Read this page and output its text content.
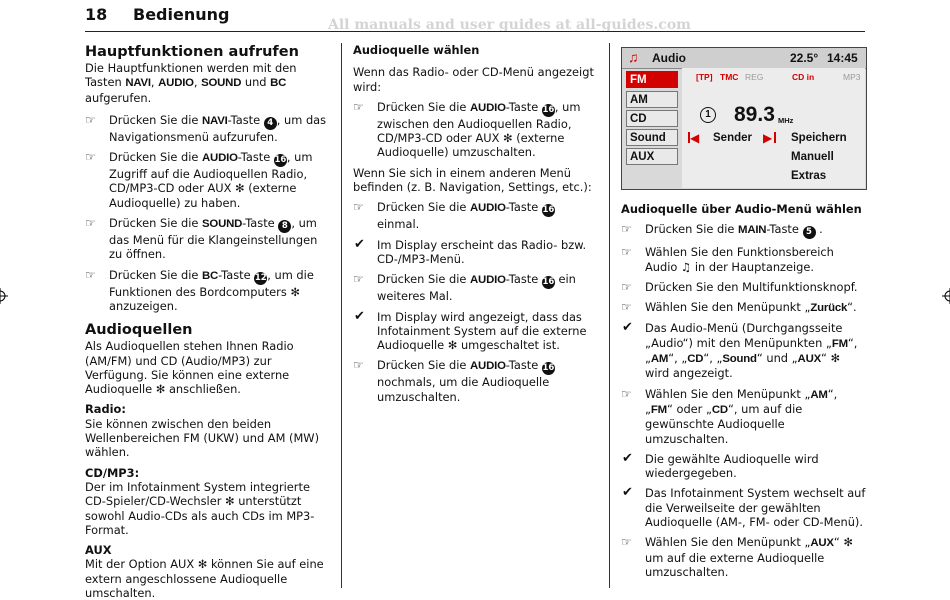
18 Bedienung
All manuals and user guides at all-guides.com
Hauptfunktionen aufrufen

Die Hauptfunktionen werden mit den Tasten NAVI, AUDIO, SOUND und BC aufgerufen.

☞ Drücken Sie die NAVI-Taste 4 , um das Navigationsmenü aufzurufen.
☞ Drücken Sie die AUDIO-Taste 16, um Zugriff auf die Audioquellen Radio, CD/MP3-CD oder AUX ✻ (externe Audioquelle) zu haben.
☞ Drücken Sie die SOUND-Taste 8 , um das Menü für die Klangeinstellungen zu öffnen.
☞ Drücken Sie die BC-Taste 12, um die Funktionen des Bordcomputers ✻ anzuzeigen.
Audioquellen

Als Audioquellen stehen Ihnen Radio (AM/FM) und CD (Audio/MP3) zur Verfügung. Sie können eine externe Audioquelle ✻ anschließen.

Radio:

Sie können zwischen den beiden Wellenbereichen FM (UKW) und AM (MW) wählen.

CD/MP3:

Der im Infotainment System integrierte CD-Spieler/CD-Wechsler ✻ unterstützt sowohl Audio-CDs als auch CDs im MP3-Format.

AUX

Mit der Option AUX ✻ können Sie auf eine extern angeschlossene Audioquelle umschalten.

Audioquelle wählen

Wenn das Radio- oder CD-Menü angezeigt wird:

☞ Drücken Sie die AUDIO-Taste 16, um zwischen den Audioquellen Radio, CD/MP3-CD oder AUX ✻ (externe Audioquelle) umzuschalten.

Wenn Sie sich in einem anderen Menü befinden (z. B. Navigation, Settings, etc.):

☞ Drücken Sie die AUDIO-Taste 16 einmal.
✔ Im Display erscheint das Radio- bzw. CD-/MP3-Menü.
☞ Drücken Sie die AUDIO-Taste 16 ein weiteres Mal.
✔ Im Display wird angezeigt, dass das Infotainment System auf die externe Audioquelle ✻ umgeschaltet ist.
☞ Drücken Sie die AUDIO-Taste 16 nochmals, um die Audioquelle umzuschalten.
♫ Audio	22.5° 14:45
FM
AM
CD
Sound
AUX
[TP] TMC REG	CD in	MP3
1 89.3 MHz
◀ Sender ▶ Speichern
Manuell
Extras
Audioquelle über Audio-Menü wählen
☞ Drücken Sie die MAIN-Taste 5 .
☞ Wählen Sie den Funktionsbereich Audio ♫ in der Hauptanzeige.
☞ Drücken Sie den Multifunktionsknopf.
☞ Wählen Sie den Menüpunkt „Zurück“.
✔ Das Audio-Menü (Durchgangsseite „Audio“) mit den Menüpunkten „FM“, „AM“, „CD“, „Sound“ und „AUX“ ✻ wird angezeigt.
☞ Wählen Sie den Menüpunkt „AM“, „FM“ oder „CD“, um auf die gewünschte Audioquelle umzuschalten.
✔ Die gewählte Audioquelle wird wiedergegeben.
✔ Das Infotainment System wechselt auf die Verweilseite der gewählten Audioquelle (AM-, FM- oder CD-Menü).
☞ Wählen Sie den Menüpunkt „AUX“ ✻ um auf die externe Audioquelle umzuschalten.
